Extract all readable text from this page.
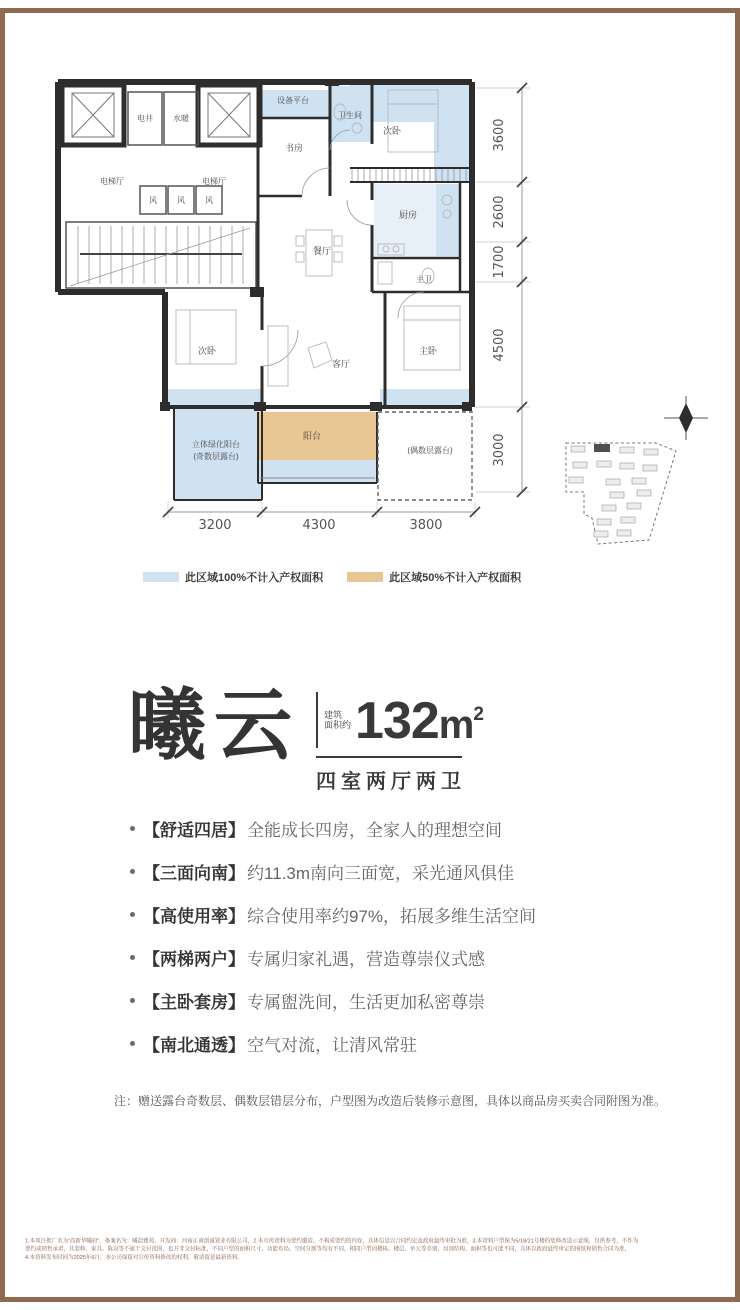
3600
2600
1700
4500
3000
3200	4300	3800
电井	水暖
电梯厅	电梯厅
风	风	风
设备平台
卫生间
书房
次卧
厨房
主卫
餐厅
客厅
次卧	主卧
立体绿化阳台
(奇数层露台)
阳台
(偶数层露台)
此区域100%不计入产权面积	此区域50%不计入产权面积
曦云	建筑
面积约 $132m^2$
四室两厅两卫
【舒适四居】 全能成长四房，全家人的理想空间
【三面向南】 约11.3m南向三面宽，采光通风俱佳
【高使用率】 综合使用率约97%，拓展多维生活空间
【两梯两户】 专属归家礼遇，营造尊崇仪式感
【主卧套房】 专属盥洗间，生活更加私密尊崇
【南北通透】 空气对流，让清风常驻
注：赠送露台奇数层、偶数层错层分布，户型图为改造后装修示意图，具体以商品房买卖合同附图为准。

1.本项目推广名为“高新华曦府”，备案名为：曦晨雅苑，开发商：河南正商创诚置业有限公司，2.本宣传资料为要约邀请，不构成要约的内容，具体信息以合同约定及政府最终审批为准，3.本资料户型图为5/18/21号楼的装修改造示意图，仅供参考，不作为

要约或销售承诺，其装修、家具、陈设等不属于交付范围，也并非交付标准，不同户型的面积尺寸、功能布局、空间分割等均有不同，相同户型因楼栋、楼层、单元等差别，局部结构、面积等也可能不同，具体以政府最终审定的图纸和销售合同为准，

4.本资料发布时间为2025年6月，本公司保留对宣传资料修改的权利，敬请留意最新资料。
